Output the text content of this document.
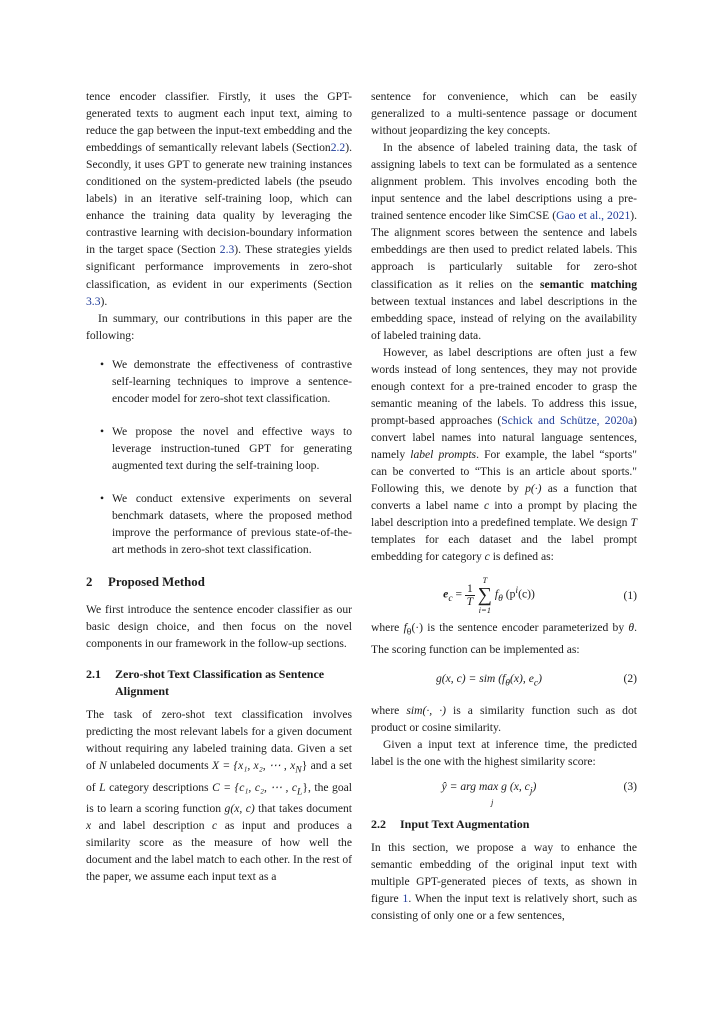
tence encoder classifier. Firstly, it uses the GPT-generated texts to augment each input text, aiming to reduce the gap between the input-text embedding and the embeddings of semantically relevant labels (Section2.2). Secondly, it uses GPT to generate new training instances conditioned on the system-predicted labels (the pseudo labels) in an iterative self-training loop, which can enhance the training data quality by leveraging the contrastive learning with decision-boundary information in the target space (Section 2.3). These strategies yields significant performance improvements in zero-shot classification, as evident in our experiments (Section 3.3).

In summary, our contributions in this paper are the following:

• We demonstrate the effectiveness of contrastive self-learning techniques to improve a sentence-encoder model for zero-shot text classification.
• We propose the novel and effective ways to leverage instruction-tuned GPT for generating augmented text during the self-training loop.
• We conduct extensive experiments on several benchmark datasets, where the proposed method improve the performance of previous state-of-the-art methods in zero-shot text classification.
2 Proposed Method

We first introduce the sentence encoder classifier as our basic design choice, and then focus on the novel components in our framework in the follow-up sections.

2.1 Zero-shot Text Classification as Sentence Alignment

The task of zero-shot text classification involves predicting the most relevant labels for a given document without requiring any labeled training data. Given a set of N unlabeled documents X = {x₁, x₂, ⋯ , $x_N$} and a set of L category descriptions C = {c₁, c₂, ⋯ , $c_L$}, the goal is to learn a scoring function g(x, c) that takes document x and label description c as input and produces a similarity score as the measure of how well the document and the label match to each other. In the rest of the paper, we assume each input text as a

sentence for convenience, which can be easily generalized to a multi-sentence passage or document without jeopardizing the key concepts.

In the absence of labeled training data, the task of assigning labels to text can be formulated as a sentence alignment problem. This involves encoding both the input sentence and the label descriptions using a pre-trained sentence encoder like SimCSE (Gao et al., 2021). The alignment scores between the sentence and labels embeddings are then used to predict related labels. This approach is particularly suitable for zero-shot classification as it relies on the semantic matching between textual instances and label descriptions in the embedding space, instead of relying on the availability of labeled training data.

However, as label descriptions are often just a few words instead of long sentences, they may not provide enough context for a pre-trained encoder to grasp the semantic meaning of the labels. To address this issue, prompt-based approaches (Schick and Schütze, 2020a) convert label names into natural language sentences, namely label prompts. For example, the label “sports" can be converted to “This is an article about sports." Following this, we denote by p(·) as a function that converts a label name c into a prompt by placing the label description into a predefined template. We design T templates for each dataset and the label prompt embedding for category c is defined as:

$e_c = \frac{1}{T}$

T
∑
i=1
$f_\theta$ $(p^i(c))$	(1)

where $f_\theta(\cdot)$ is the sentence encoder parameterized by θ. The scoring function can be implemented as:

g(x, c) = sim ($f_\theta(x)$, $e_c$)	(2)

where sim(·, ·) is a similarity function such as dot product or cosine similarity.

Given a input text at inference time, the predicted label is the one with the highest similarity score:

ŷ = arg max g (x, $c_j$)
j
(3)
2.2 Input Text Augmentation

In this section, we propose a way to enhance the semantic embedding of the original input text with multiple GPT-generated pieces of texts, as shown in figure 1. When the input text is relatively short, such as consisting of only one or a few sentences,
